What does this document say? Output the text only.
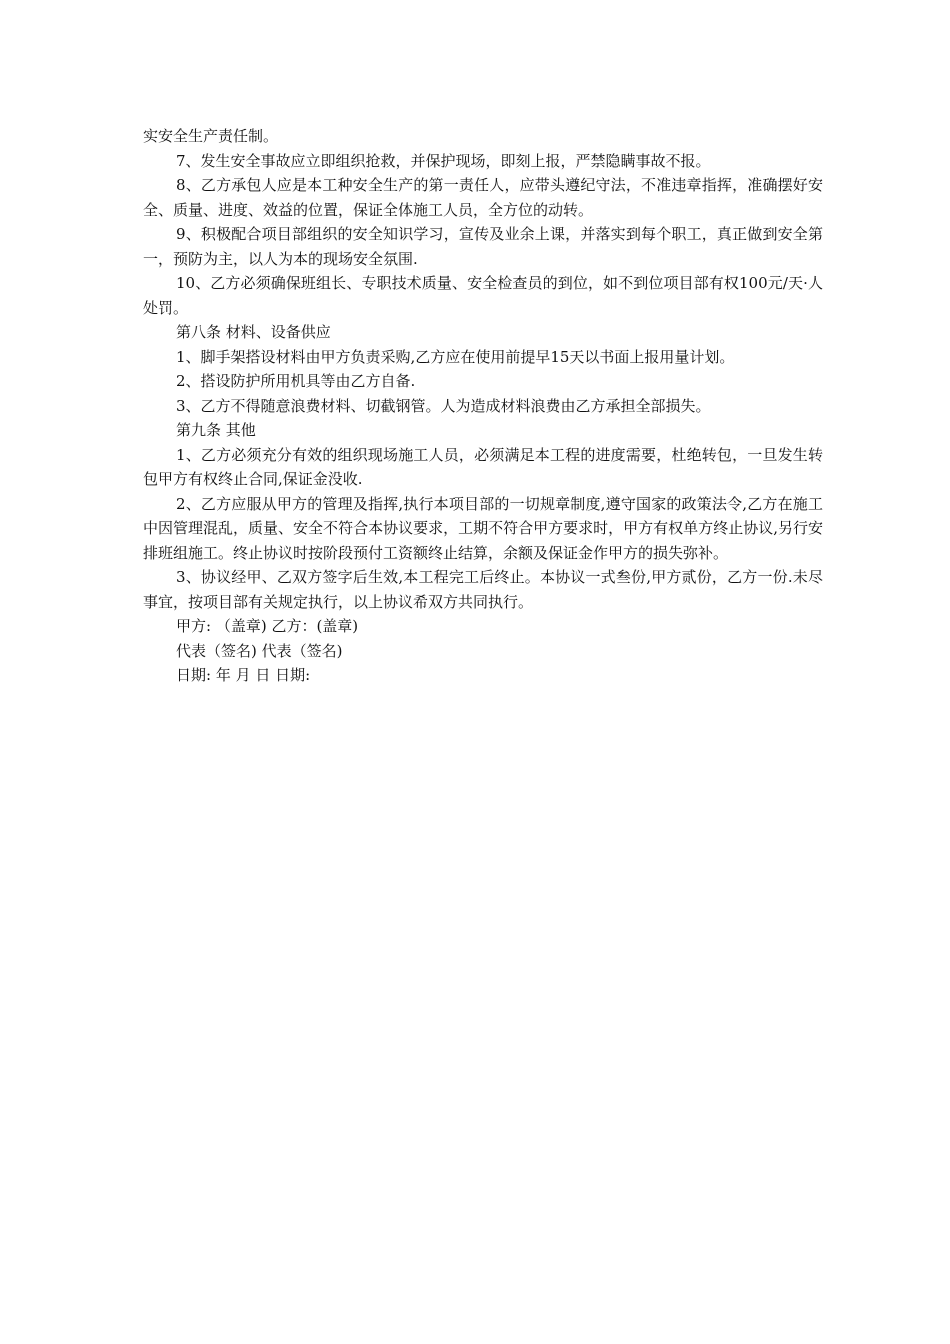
实安全生产责任制。

7、发生安全事故应立即组织抢救，并保护现场，即刻上报，严禁隐瞒事故不报。

8、乙方承包人应是本工种安全生产的第一责任人，应带头遵纪守法，不准违章指挥，准确摆好安全、质量、进度、效益的位置，保证全体施工人员，全方位的动转。

9、积极配合项目部组织的安全知识学习，宣传及业余上课，并落实到每个职工，真正做到安全第一，预防为主，以人为本的现场安全氛围.

10、乙方必须确保班组长、专职技术质量、安全检查员的到位，如不到位项目部有权100元/天·人处罚。

第八条 材料、设备供应

1、脚手架搭设材料由甲方负责采购,乙方应在使用前提早15天以书面上报用量计划。

2、搭设防护所用机具等由乙方自备.

3、乙方不得随意浪费材料、切截钢管。人为造成材料浪费由乙方承担全部损失。

第九条 其他

1、乙方必须充分有效的组织现场施工人员，必须满足本工程的进度需要，杜绝转包，一旦发生转包甲方有权终止合同,保证金没收.

2、乙方应服从甲方的管理及指挥,执行本项目部的一切规章制度,遵守国家的政策法令,乙方在施工中因管理混乱，质量、安全不符合本协议要求，工期不符合甲方要求时，甲方有权单方终止协议,另行安排班组施工。终止协议时按阶段预付工资额终止结算，余额及保证金作甲方的损失弥补。

3、协议经甲、乙双方签字后生效,本工程完工后终止。本协议一式叁份,甲方贰份，乙方一份.未尽事宜，按项目部有关规定执行，以上协议希双方共同执行。

甲方: （盖章) 乙方：(盖章)

代表（签名) 代表（签名)

日期: 年 月 日 日期:
